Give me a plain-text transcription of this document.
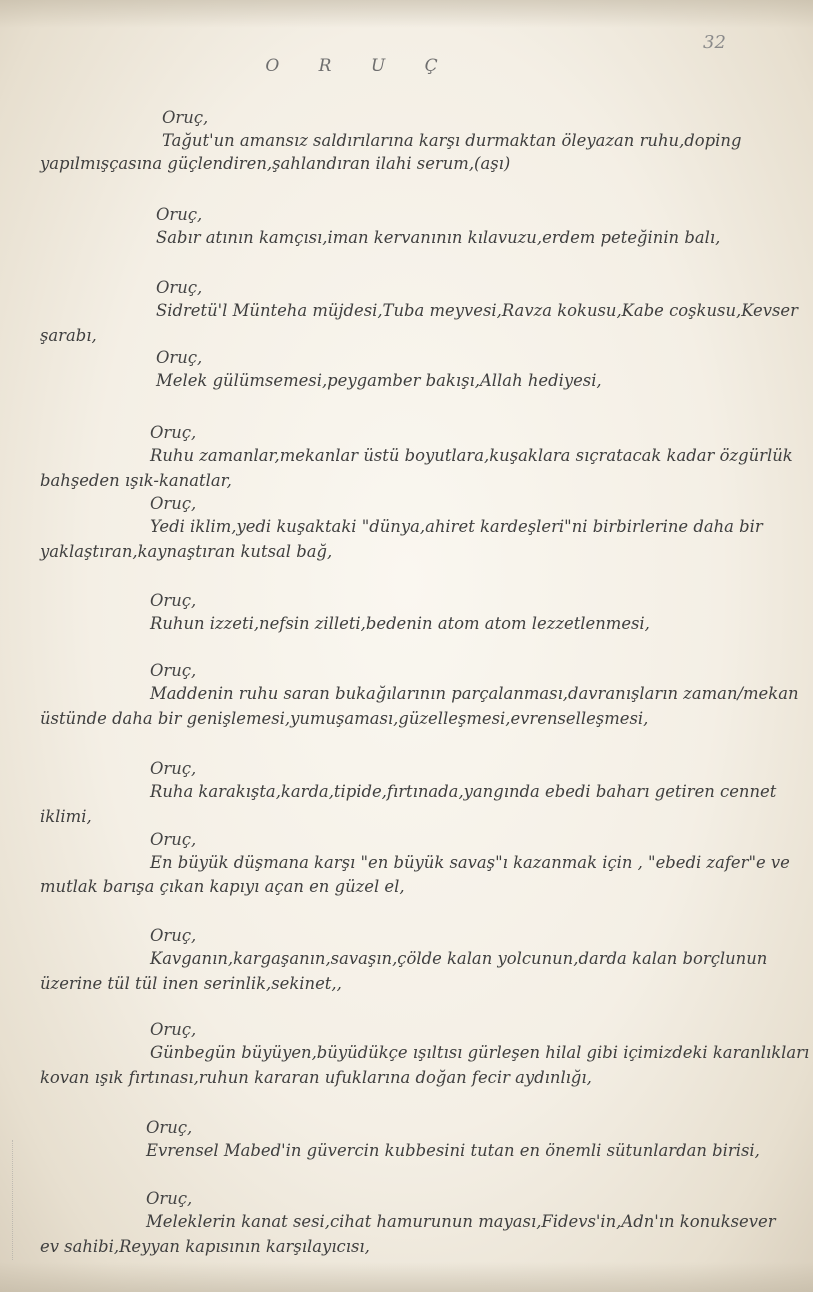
32
O R U Ç
Oruç,
Tağut'un amansız saldırılarına karşı durmaktan öleyazan ruhu,doping
yapılmışçasına güçlendiren,şahlandıran ilahi serum,(aşı)
Oruç,
Sabır atının kamçısı,iman kervanının kılavuzu,erdem peteğinin balı,
Oruç,
Sidretü'l Münteha müjdesi,Tuba meyvesi,Ravza kokusu,Kabe coşkusu,Kevser
şarabı,
Oruç,
Melek gülümsemesi,peygamber bakışı,Allah hediyesi,
Oruç,
Ruhu zamanlar,mekanlar üstü boyutlara,kuşaklara sıçratacak kadar özgürlük
bahşeden ışık-kanatlar,
Oruç,
Yedi iklim,yedi kuşaktaki "dünya,ahiret kardeşleri"ni birbirlerine daha bir
yaklaştıran,kaynaştıran kutsal bağ,
Oruç,
Ruhun izzeti,nefsin zilleti,bedenin atom atom lezzetlenmesi,
Oruç,
Maddenin ruhu saran bukağılarının parçalanması,davranışların zaman/mekan
üstünde daha bir genişlemesi,yumuşaması,güzelleşmesi,evrenselleşmesi,
Oruç,
Ruha karakışta,karda,tipide,fırtınada,yangında ebedi baharı getiren cennet
iklimi,
Oruç,
En büyük düşmana karşı "en büyük savaş"ı kazanmak için , "ebedi zafer"e ve
mutlak barışa çıkan kapıyı açan en güzel el,
Oruç,
Kavganın,kargaşanın,savaşın,çölde kalan yolcunun,darda kalan borçlunun
üzerine tül tül inen serinlik,sekinet,,
Oruç,
Günbegün büyüyen,büyüdükçe ışıltısı gürleşen hilal gibi içimizdeki karanlıkları
kovan ışık fırtınası,ruhun kararan ufuklarına doğan fecir aydınlığı,
Oruç,
Evrensel Mabed'in güvercin kubbesini tutan en önemli sütunlardan birisi,
Oruç,
Meleklerin kanat sesi,cihat hamurunun mayası,Fidevs'in,Adn'ın konuksever
ev sahibi,Reyyan kapısının karşılayıcısı,
